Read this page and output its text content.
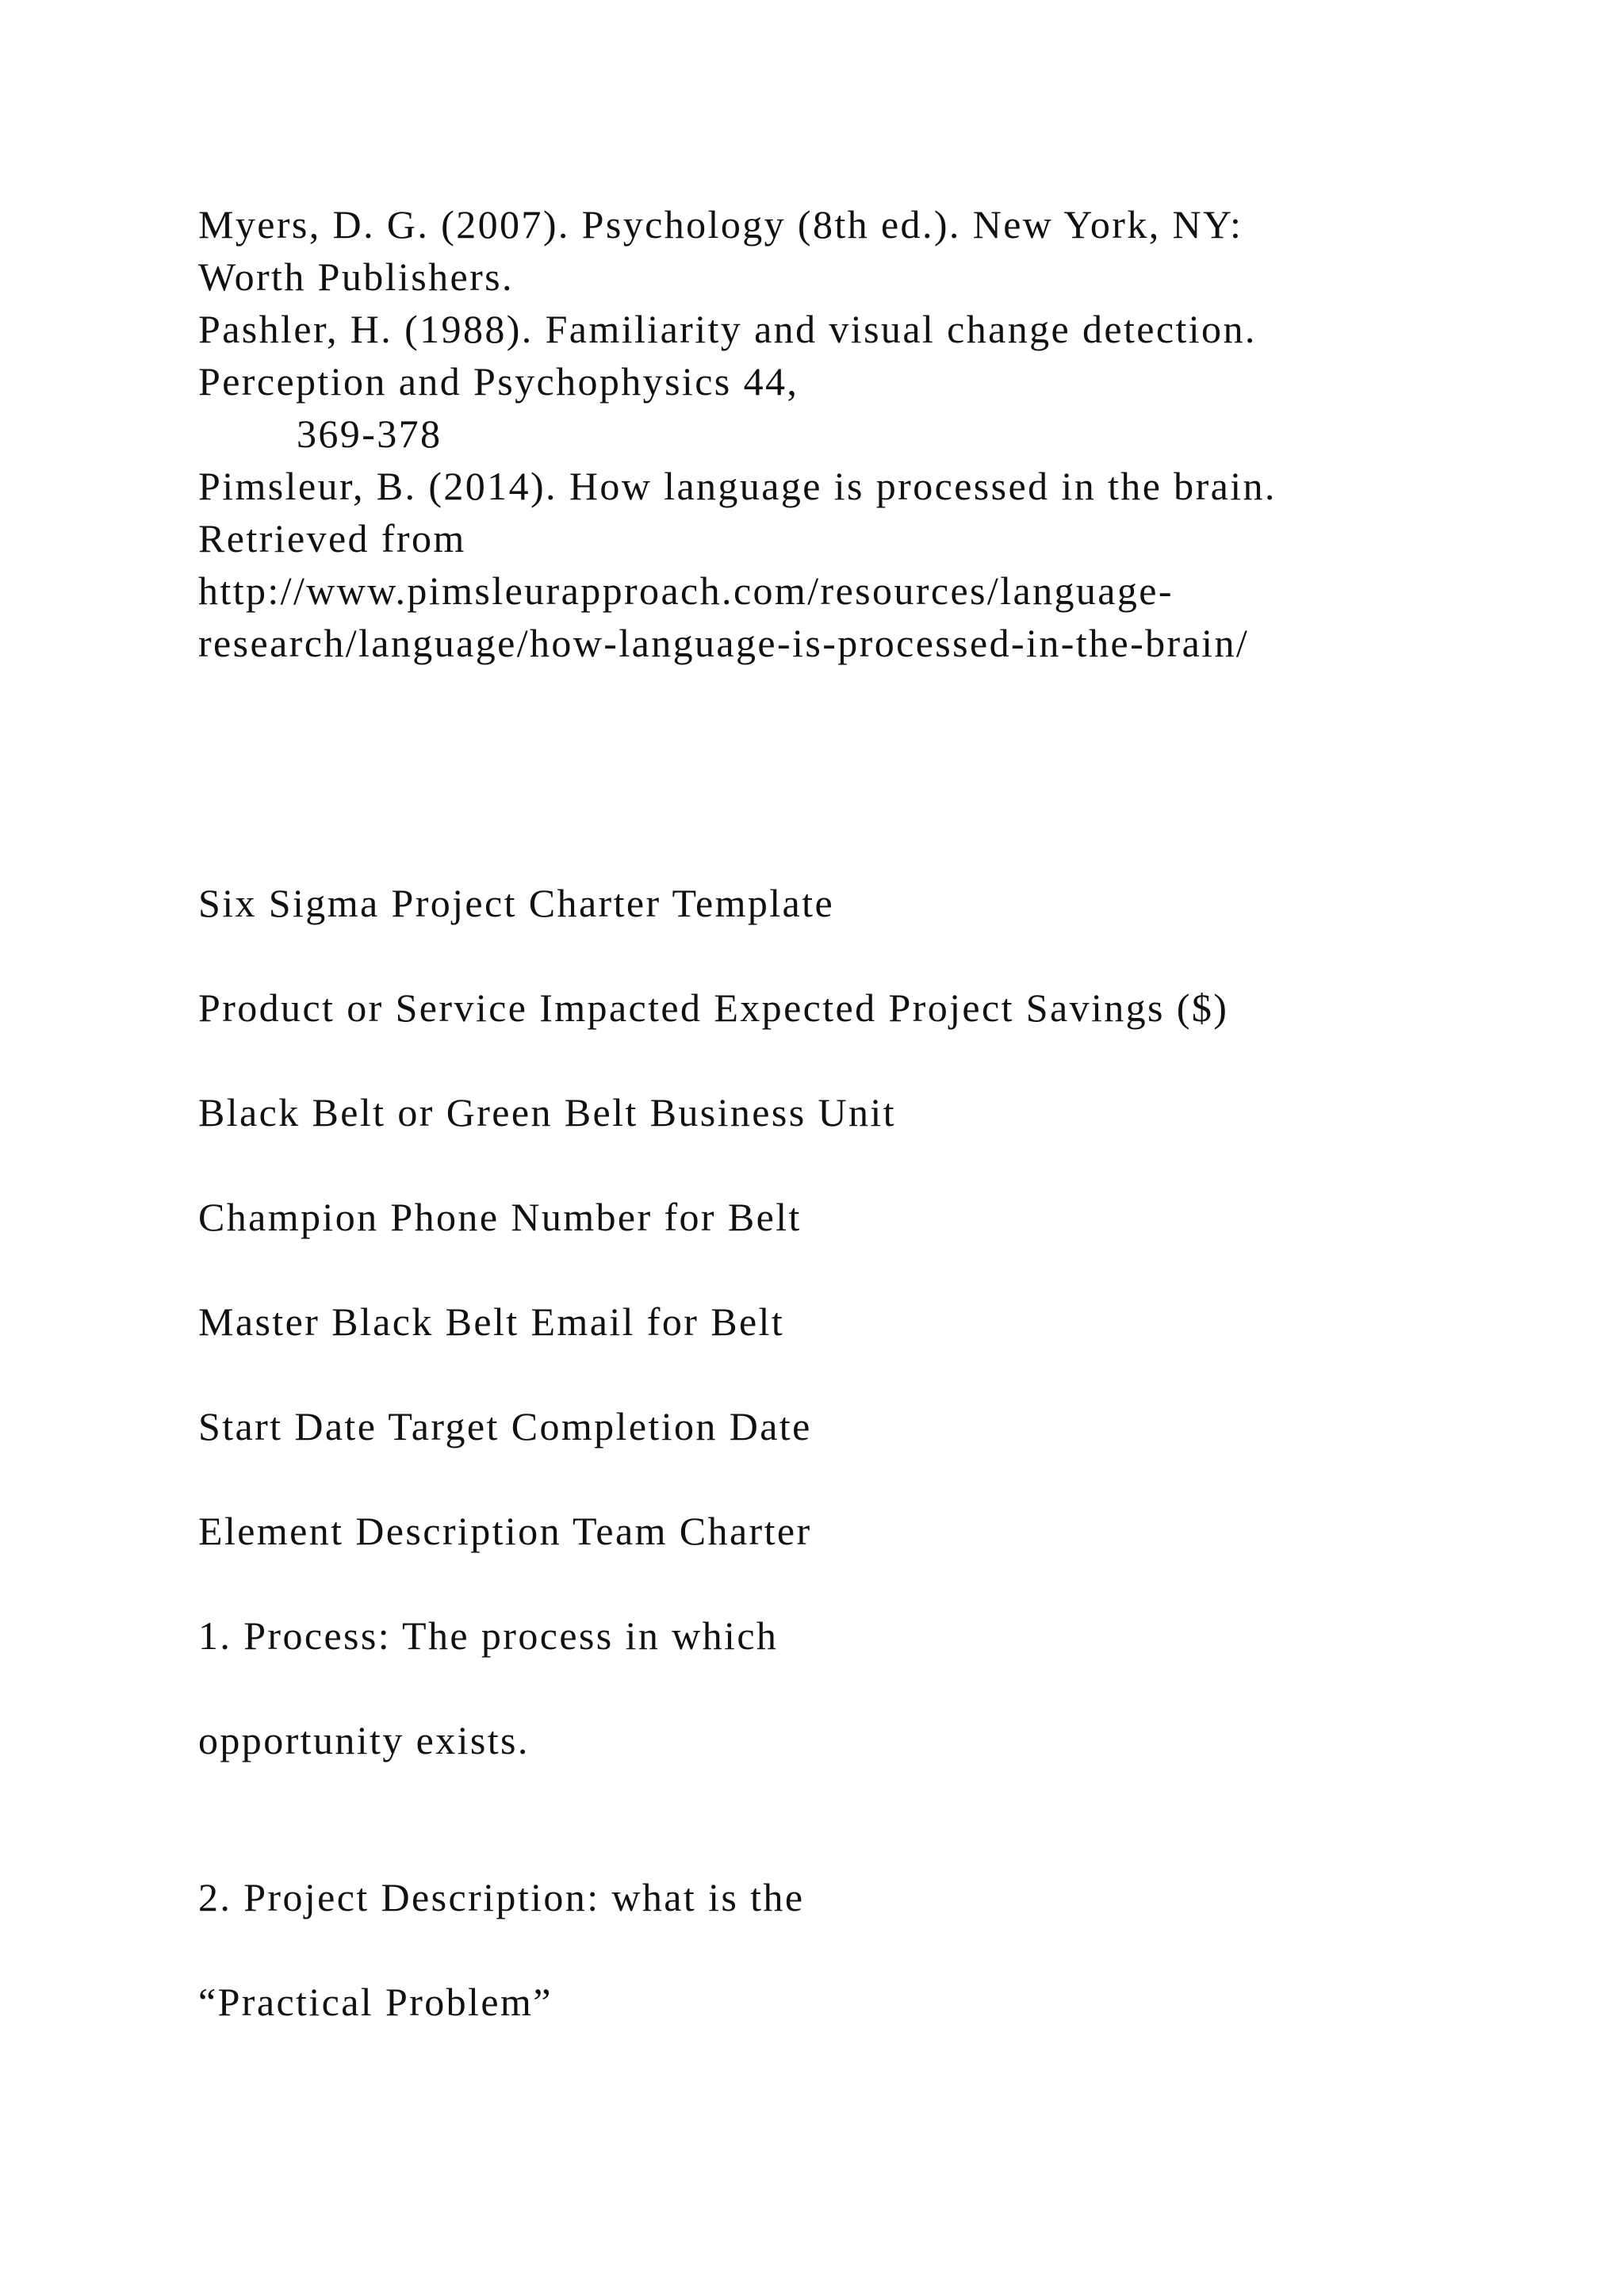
Myers, D. G. (2007). Psychology (8th ed.). New York, NY:

Worth Publishers.

Pashler, H. (1988). Familiarity and visual change detection.

Perception and Psychophysics 44,

369-378

Pimsleur, B. (2014). How language is processed in the brain.

Retrieved from

http://www.pimsleurapproach.com/resources/language-

research/language/how-language-is-processed-in-the-brain/

Six Sigma Project Charter Template

Product or Service Impacted Expected Project Savings ($)

Black Belt or Green Belt Business Unit

Champion Phone Number for Belt

Master Black Belt Email for Belt

Start Date Target Completion Date

Element Description Team Charter

1. Process: The process in which

opportunity exists.

2. Project Description: what is the

“Practical Problem”
